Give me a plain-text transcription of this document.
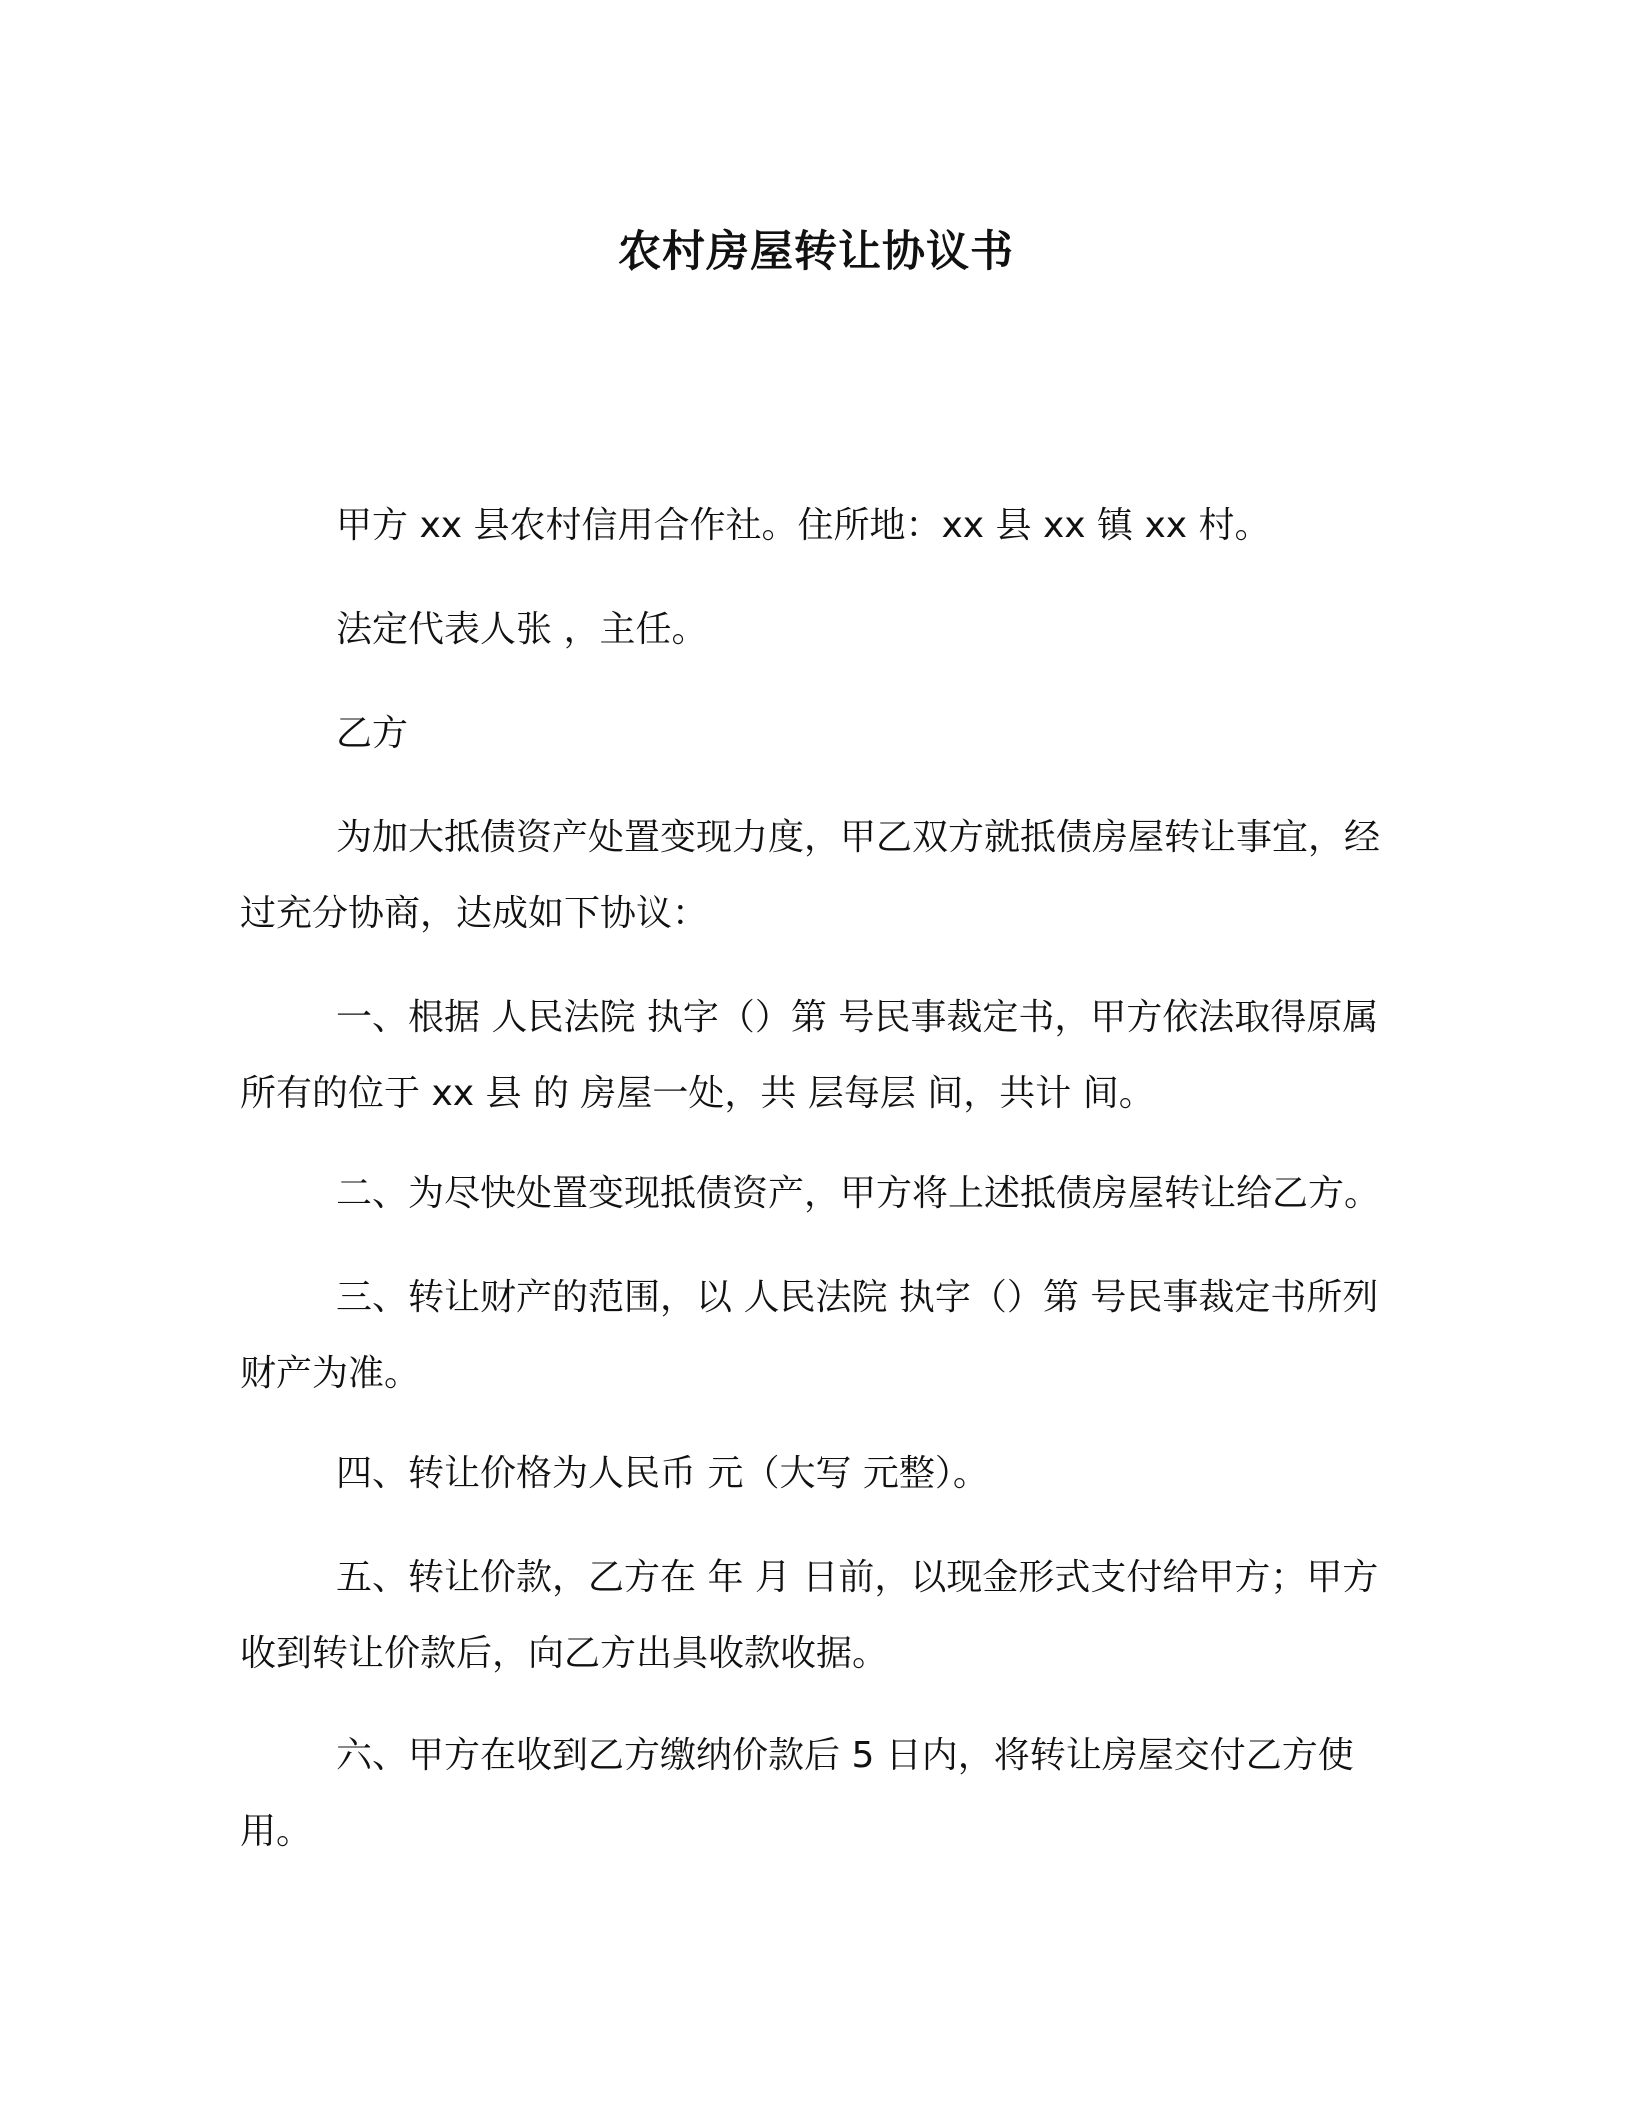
农村房屋转让协议书

甲方 xx 县农村信用合作社。住所地：xx 县 xx 镇 xx 村。

法定代表人张 ，主任。

乙方

为加大抵债资产处置变现力度，甲乙双方就抵债房屋转让事宜，经过充分协商，达成如下协议：

一、根据 人民法院 执字（）第 号民事裁定书，甲方依法取得原属 所有的位于 xx 县 的 房屋一处，共 层每层 间，共计 间。

二、为尽快处置变现抵债资产，甲方将上述抵债房屋转让给乙方。

三、转让财产的范围，以 人民法院 执字（）第 号民事裁定书所列财产为准。

四、转让价格为人民币 元（大写 元整）。

五、转让价款，乙方在 年 月 日前，以现金形式支付给甲方；甲方收到转让价款后，向乙方出具收款收据。

六、甲方在收到乙方缴纳价款后 5 日内，将转让房屋交付乙方使用。
